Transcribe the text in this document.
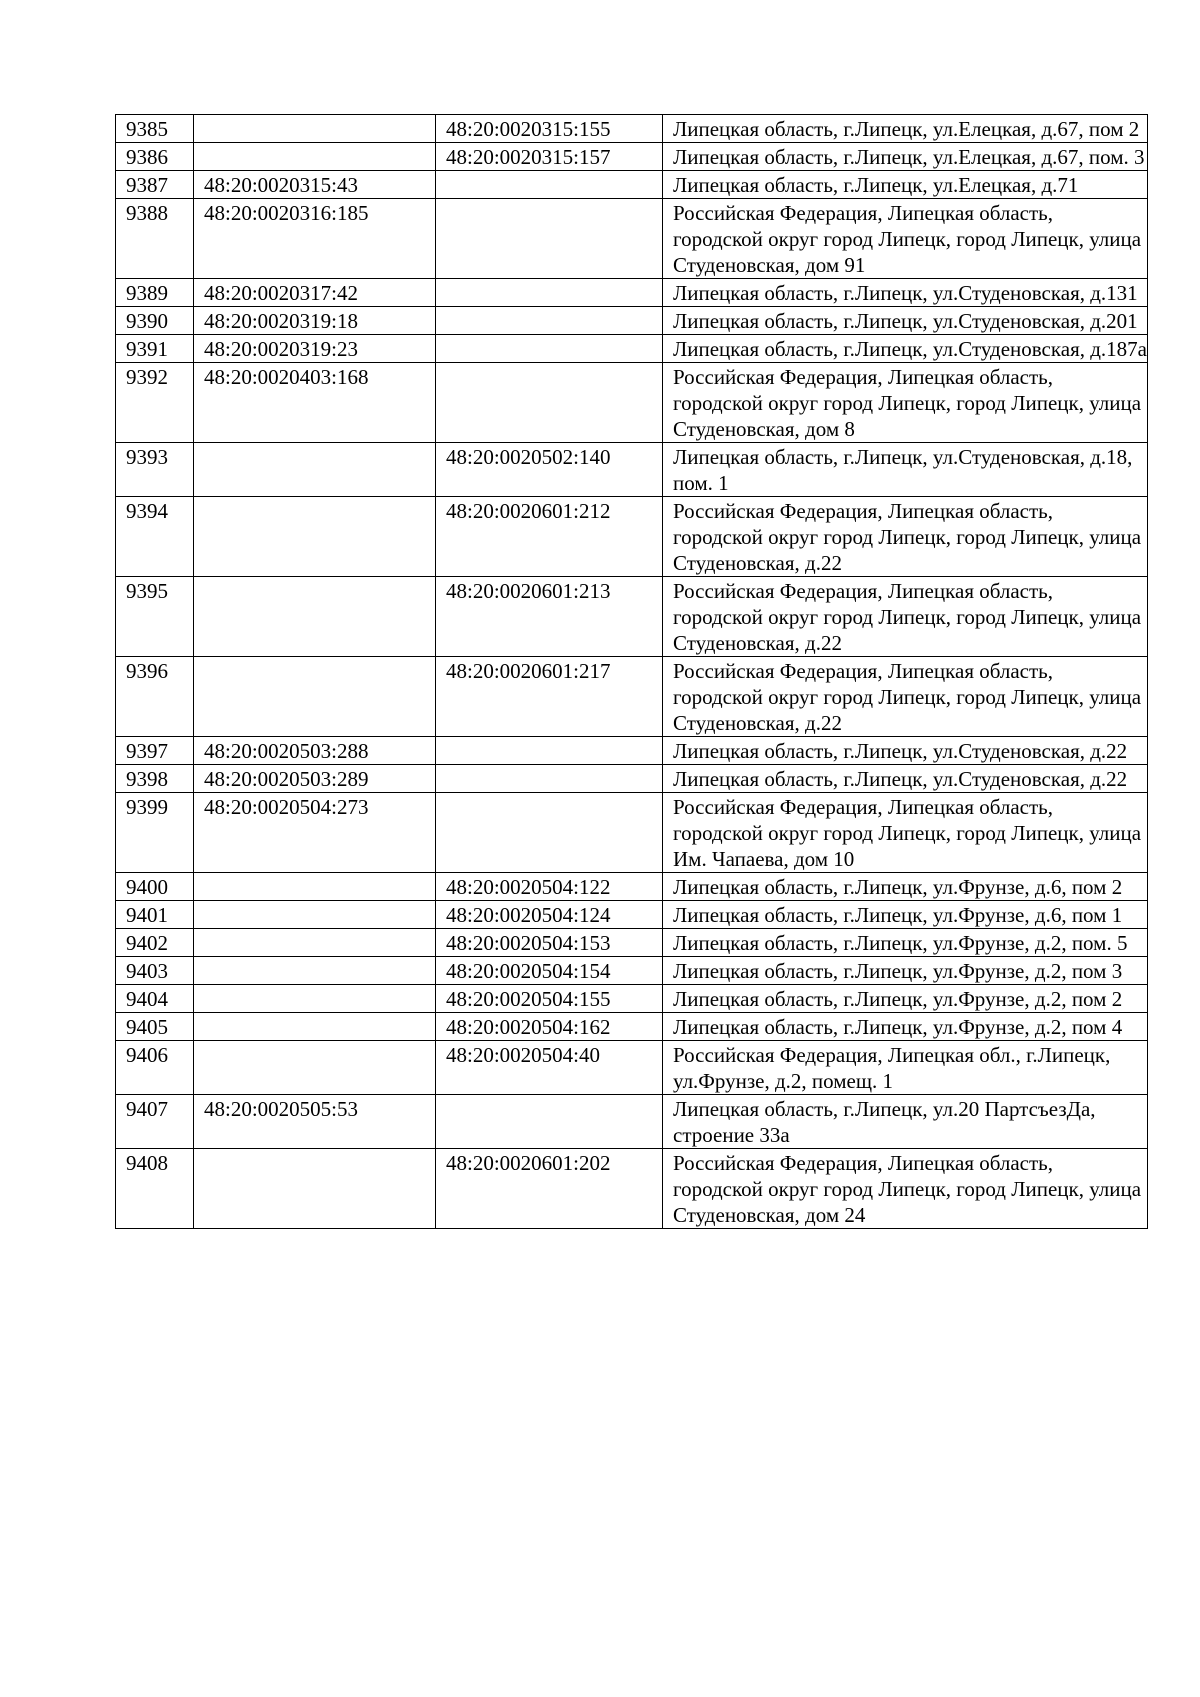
9385		48:20:0020315:155	Липецкая область, г.Липецк, ул.Елецкая, д.67, пом 2
9386		48:20:0020315:157	Липецкая область, г.Липецк, ул.Елецкая, д.67, пом. 3
9387	48:20:0020315:43		Липецкая область, г.Липецк, ул.Елецкая, д.71
9388	48:20:0020316:185		Российская Федерация, Липецкая область, городской округ город Липецк, город Липецк, улица Студеновская, дом 91
9389	48:20:0020317:42		Липецкая область, г.Липецк, ул.Студеновская, д.131
9390	48:20:0020319:18		Липецкая область, г.Липецк, ул.Студеновская, д.201
9391	48:20:0020319:23		Липецкая область, г.Липецк, ул.Студеновская, д.187а
9392	48:20:0020403:168		Российская Федерация, Липецкая область, городской округ город Липецк, город Липецк, улица Студеновская, дом 8
9393		48:20:0020502:140	Липецкая область, г.Липецк, ул.Студеновская, д.18, пом. 1
9394		48:20:0020601:212	Российская Федерация, Липецкая область, городской округ город Липецк, город Липецк, улица Студеновская, д.22
9395		48:20:0020601:213	Российская Федерация, Липецкая область, городской округ город Липецк, город Липецк, улица Студеновская, д.22
9396		48:20:0020601:217	Российская Федерация, Липецкая область, городской округ город Липецк, город Липецк, улица Студеновская, д.22
9397	48:20:0020503:288		Липецкая область, г.Липецк, ул.Студеновская, д.22
9398	48:20:0020503:289		Липецкая область, г.Липецк, ул.Студеновская, д.22
9399	48:20:0020504:273		Российская Федерация, Липецкая область, городской округ город Липецк, город Липецк, улица Им. Чапаева, дом 10
9400		48:20:0020504:122	Липецкая область, г.Липецк, ул.Фрунзе, д.6, пом 2
9401		48:20:0020504:124	Липецкая область, г.Липецк, ул.Фрунзе, д.6, пом 1
9402		48:20:0020504:153	Липецкая область, г.Липецк, ул.Фрунзе, д.2, пом. 5
9403		48:20:0020504:154	Липецкая область, г.Липецк, ул.Фрунзе, д.2, пом 3
9404		48:20:0020504:155	Липецкая область, г.Липецк, ул.Фрунзе, д.2, пом 2
9405		48:20:0020504:162	Липецкая область, г.Липецк, ул.Фрунзе, д.2, пом 4
9406		48:20:0020504:40	Российская Федерация, Липецкая обл., г.Липецк, ул.Фрунзе, д.2, помещ. 1
9407	48:20:0020505:53		Липецкая область, г.Липецк, ул.20 ПартсъезДа, строение 33а
9408		48:20:0020601:202	Российская Федерация, Липецкая область, городской округ город Липецк, город Липецк, улица Студеновская, дом 24
